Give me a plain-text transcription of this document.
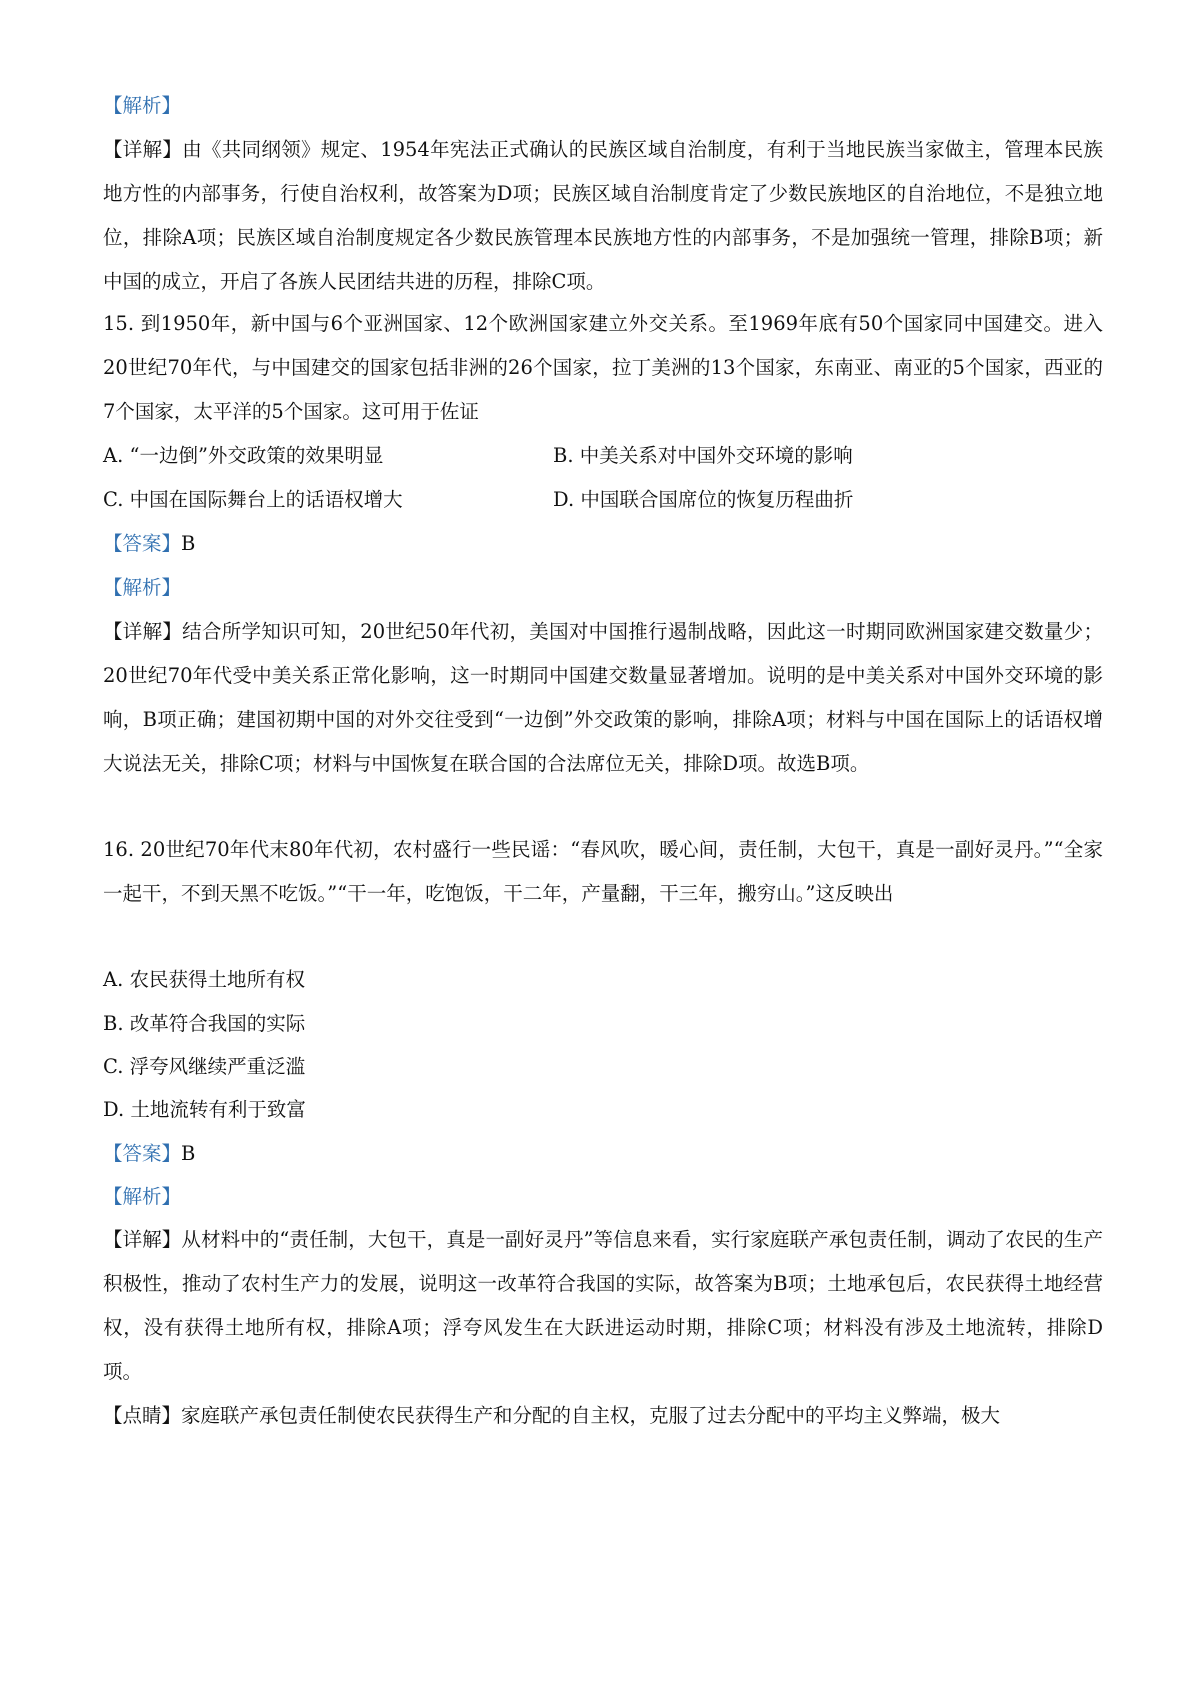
【解析】
【详解】由《共同纲领》规定、1954年宪法正式确认的民族区域自治制度，有利于当地民族当家做主，管理本民族地方性的内部事务，行使自治权利，故答案为D项；民族区域自治制度肯定了少数民族地区的自治地位，不是独立地位，排除A项；民族区域自治制度规定各少数民族管理本民族地方性的内部事务，不是加强统一管理，排除B项；新中国的成立，开启了各族人民团结共进的历程，排除C项。
15. 到1950年，新中国与6个亚洲国家、12个欧洲国家建立外交关系。至1969年底有50个国家同中国建交。进入20世纪70年代，与中国建交的国家包括非洲的26个国家，拉丁美洲的13个国家，东南亚、南亚的5个国家，西亚的7个国家，太平洋的5个国家。这可用于佐证
A. “一边倒”外交政策的效果明显	B. 中美关系对中国外交环境的影响
C. 中国在国际舞台上的话语权增大	D. 中国联合国席位的恢复历程曲折
【答案】B
【解析】
【详解】结合所学知识可知，20世纪50年代初，美国对中国推行遏制战略，因此这一时期同欧洲国家建交数量少；20世纪70年代受中美关系正常化影响，这一时期同中国建交数量显著增加。说明的是中美关系对中国外交环境的影响，B项正确；建国初期中国的对外交往受到“一边倒”外交政策的影响，排除A项；材料与中国在国际上的话语权增大说法无关，排除C项；材料与中国恢复在联合国的合法席位无关，排除D项。故选B项。
16. 20世纪70年代末80年代初，农村盛行一些民谣：“春风吹，暖心间，责任制，大包干，真是一副好灵丹。”“全家一起干，不到天黑不吃饭。”“干一年，吃饱饭，干二年，产量翻，干三年，搬穷山。”这反映出
A. 农民获得土地所有权
B. 改革符合我国的实际
C. 浮夸风继续严重泛滥
D. 土地流转有利于致富
【答案】B
【解析】
【详解】从材料中的“责任制，大包干，真是一副好灵丹”等信息来看，实行家庭联产承包责任制，调动了农民的生产积极性，推动了农村生产力的发展，说明这一改革符合我国的实际，故答案为B项；土地承包后，农民获得土地经营权，没有获得土地所有权，排除A项；浮夸风发生在大跃进运动时期，排除C项；材料没有涉及土地流转，排除D项。
【点睛】家庭联产承包责任制使农民获得生产和分配的自主权，克服了过去分配中的平均主义弊端，极大
